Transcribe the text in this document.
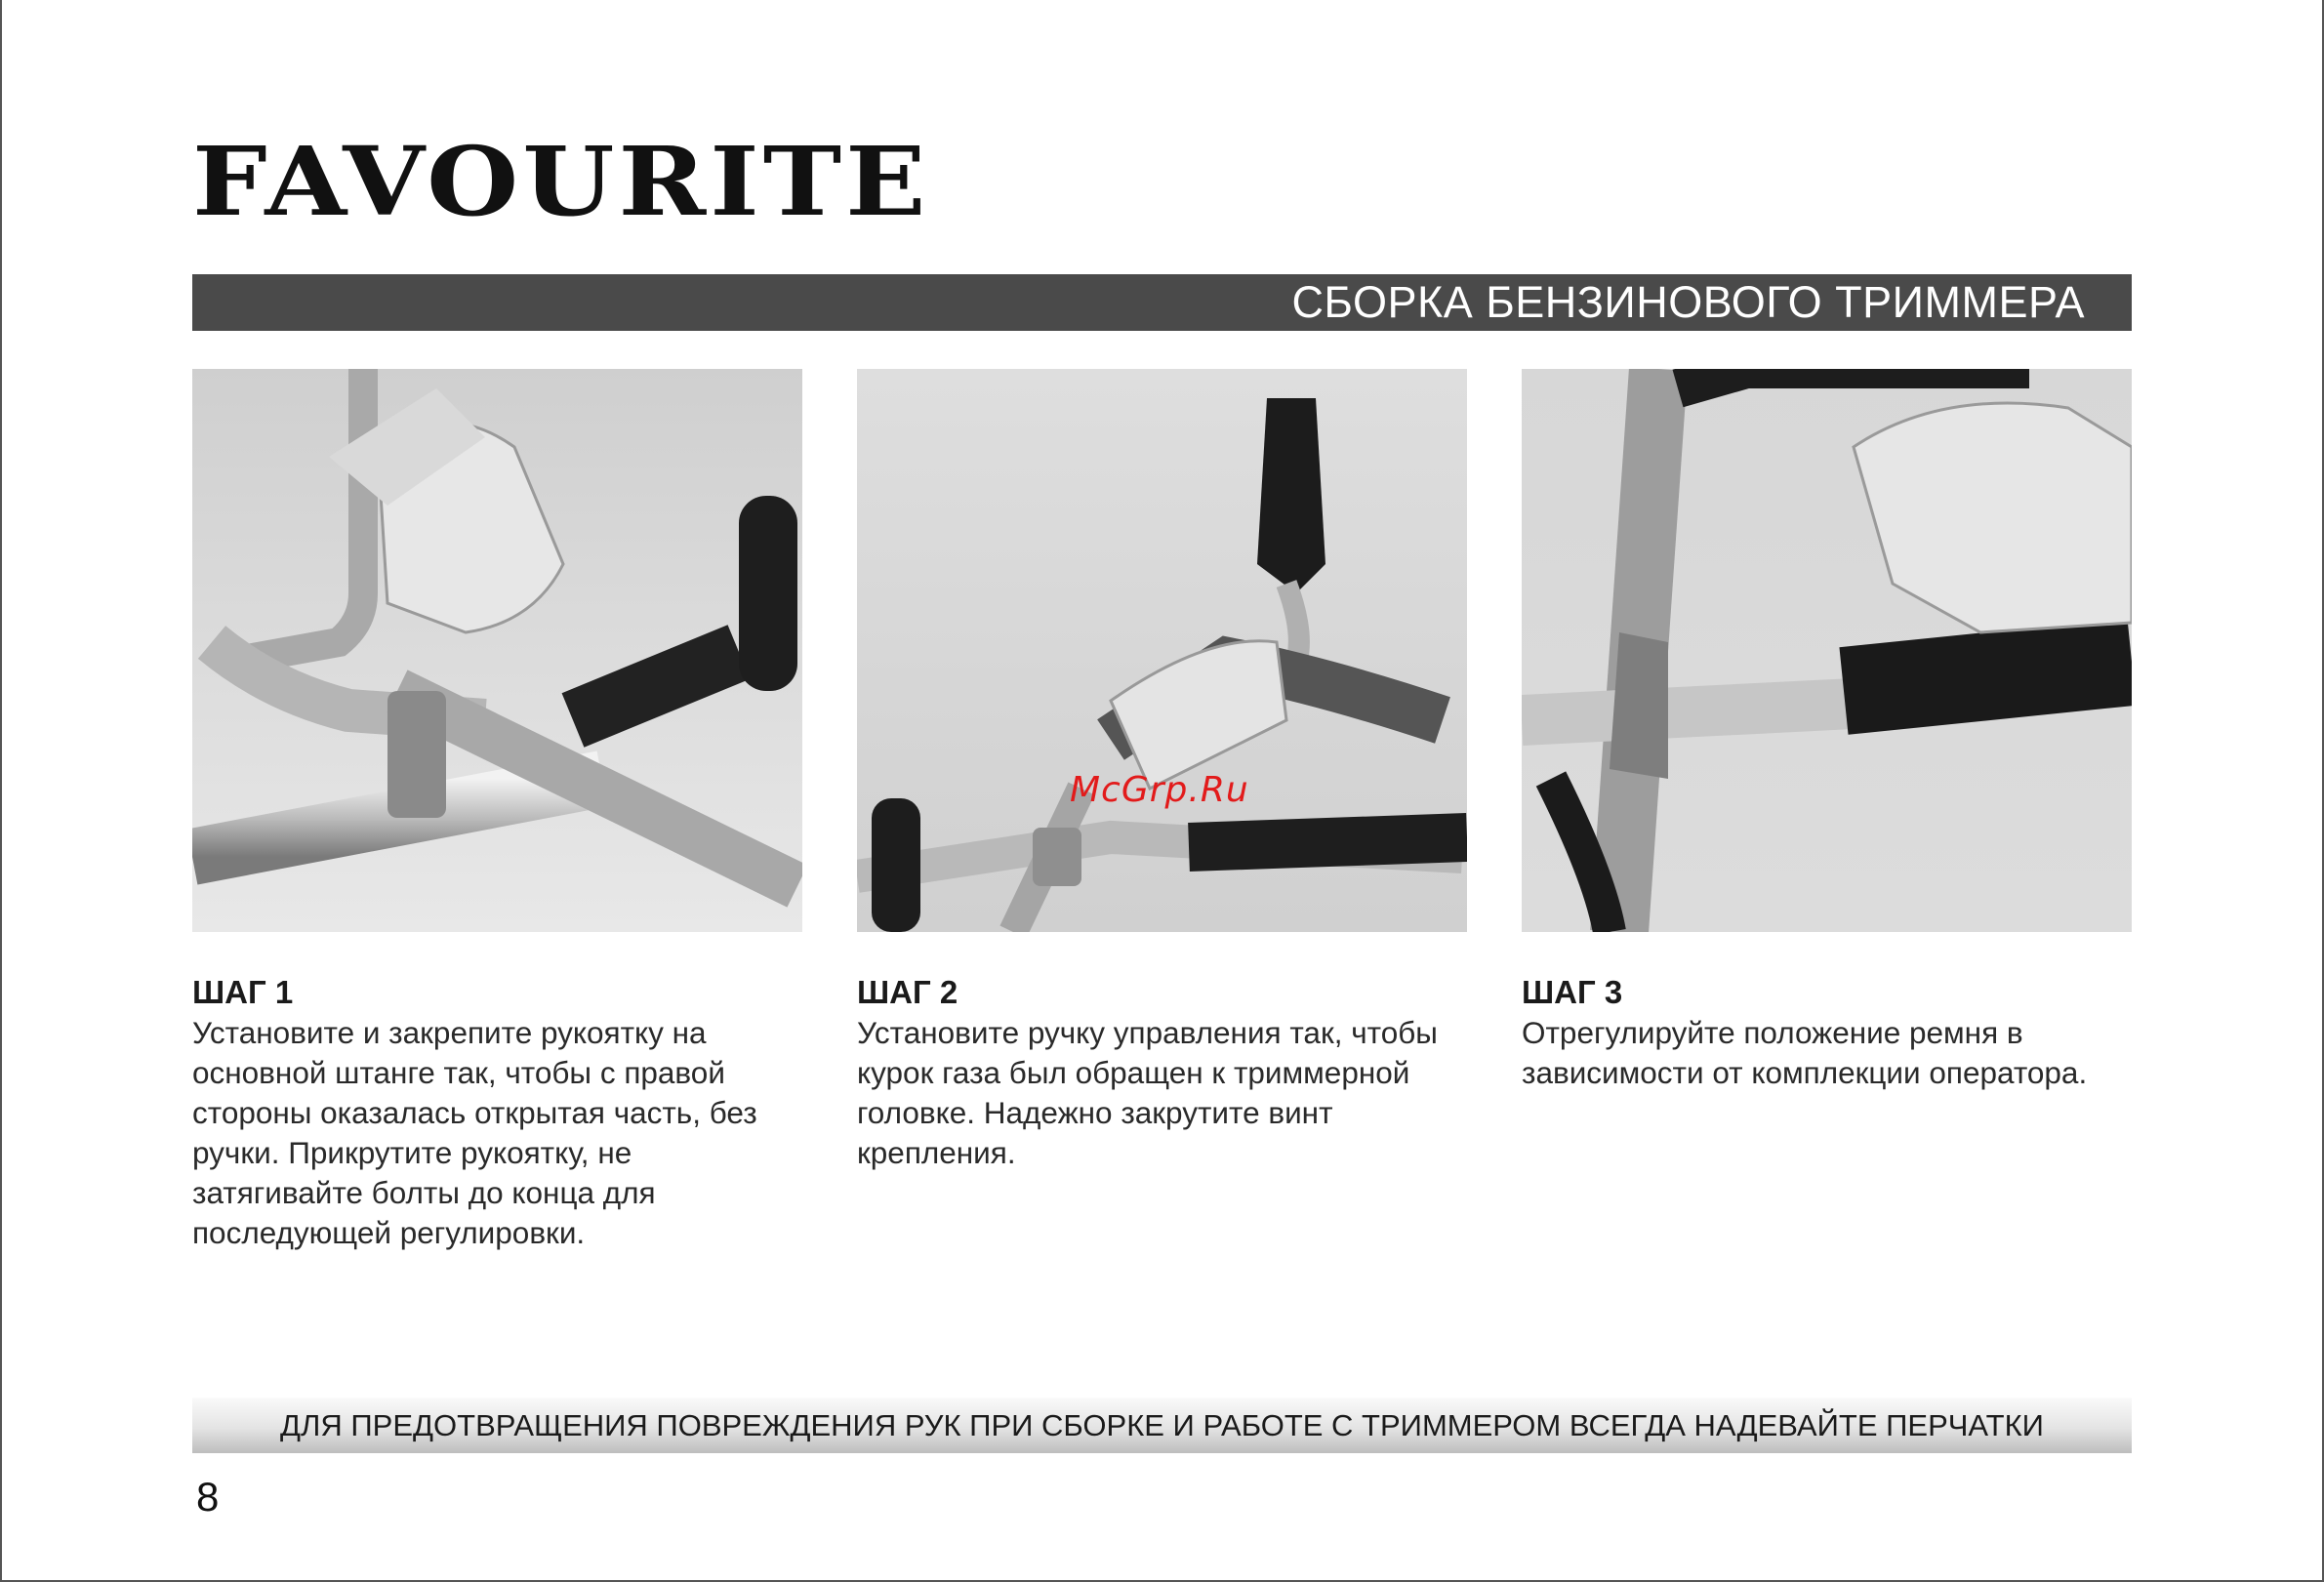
FAVOURITE
СБОРКА БЕНЗИНОВОГО ТРИММЕРА
McGrp.Ru
ШАГ 1
Установите и закрепите рукоятку на
основной штанге так, чтобы с правой
стороны оказалась открытая часть, без
ручки. Прикрутите рукоятку, не
затягивайте болты до конца для
последующей регулировки.
ШАГ 2
Установите ручку управления так, чтобы
курок газа был обращен к триммерной
головке. Надежно закрутите винт
крепления.
ШАГ 3
Отрегулируйте положение ремня в
зависимости от комплекции оператора.
ДЛЯ ПРЕДОТВРАЩЕНИЯ ПОВРЕЖДЕНИЯ РУК ПРИ СБОРКЕ И РАБОТЕ С ТРИММЕРОМ ВСЕГДА НАДЕВАЙТЕ ПЕРЧАТКИ
8
